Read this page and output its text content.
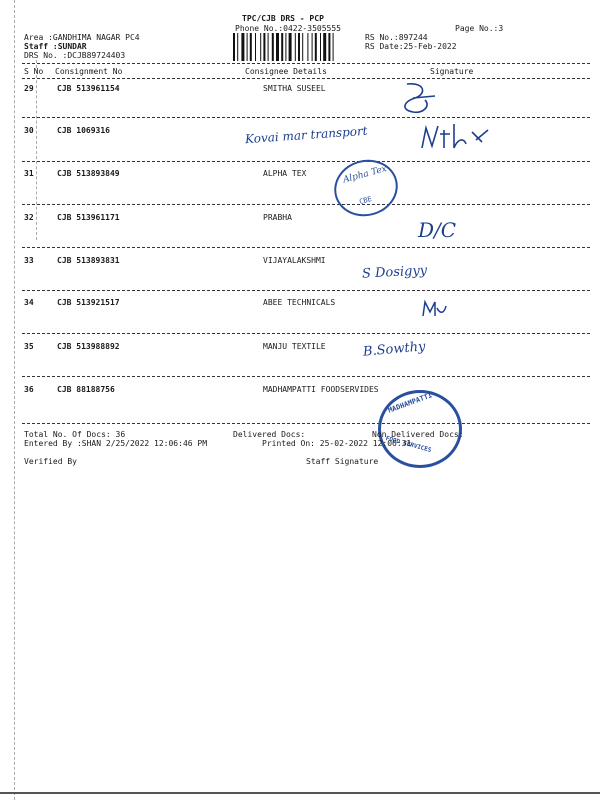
TPC/CJB DRS - PCP
Phone No.:0422-3505555	Page No.:3
Area :GANDHIMA NAGAR PC4
Staff :SUNDAR
DRS No. :DCJB89724403
RS No.:897244
RS Date:25-Feb-2022
S No Consignment No	Consignee Details	Signature
29	CJB 513961154	SMITHA SUSEEL
30	CJB 1069316
31	CJB 513893849	ALPHA TEX
32	CJB 513961171	PRABHA
33	CJB 513893831	VIJAYALAKSHMI
34	CJB 513921517	ABEE TECHNICALS
35	CJB 513988892	MANJU TEXTILE
36	CJB 88188756	MADHAMPATTI FOODSERVIDES
Kovai mar transport
D/C
S Dosigyy
B.Sowthy
Alpha Tex
CBE
MADHAMPATTI
FOOD SERVICES
Total No. Of Docs: 36	Delivered Docs:	Non Delivered Docs:
Entered By :SHAN 2/25/2022 12:06:46 PM	Printed On: 25-02-2022 12:06:31
Verified By	Staff Signature
